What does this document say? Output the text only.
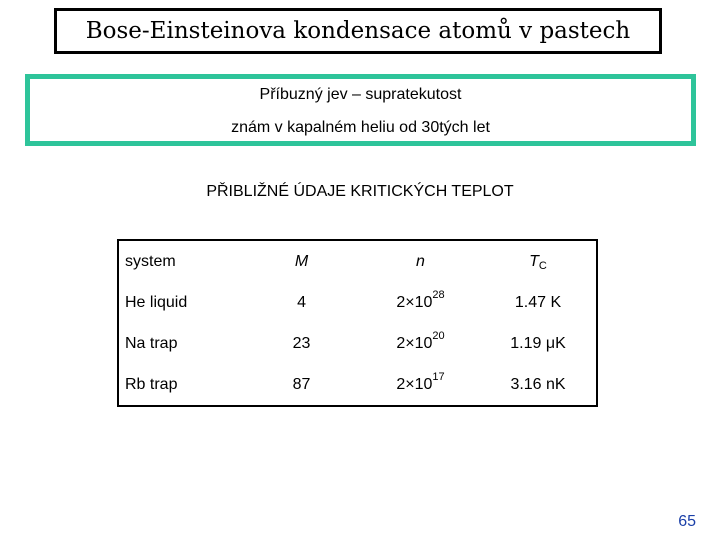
Bose-Einsteinova kondensace atomů v pastech
Příbuzný jev – supratekutost
znám v kapalném heliu od 30tých let
PŘIBLIŽNÉ ÚDAJE KRITICKÝCH TEPLOT
system	M	n	$T_C$
He liquid	4	$2\times 10^{28}$	1.47 K
Na trap	23	$2\times 10^{20}$	1.19 μK
Rb trap	87	$2\times 10^{17}$	3.16 nK
65
